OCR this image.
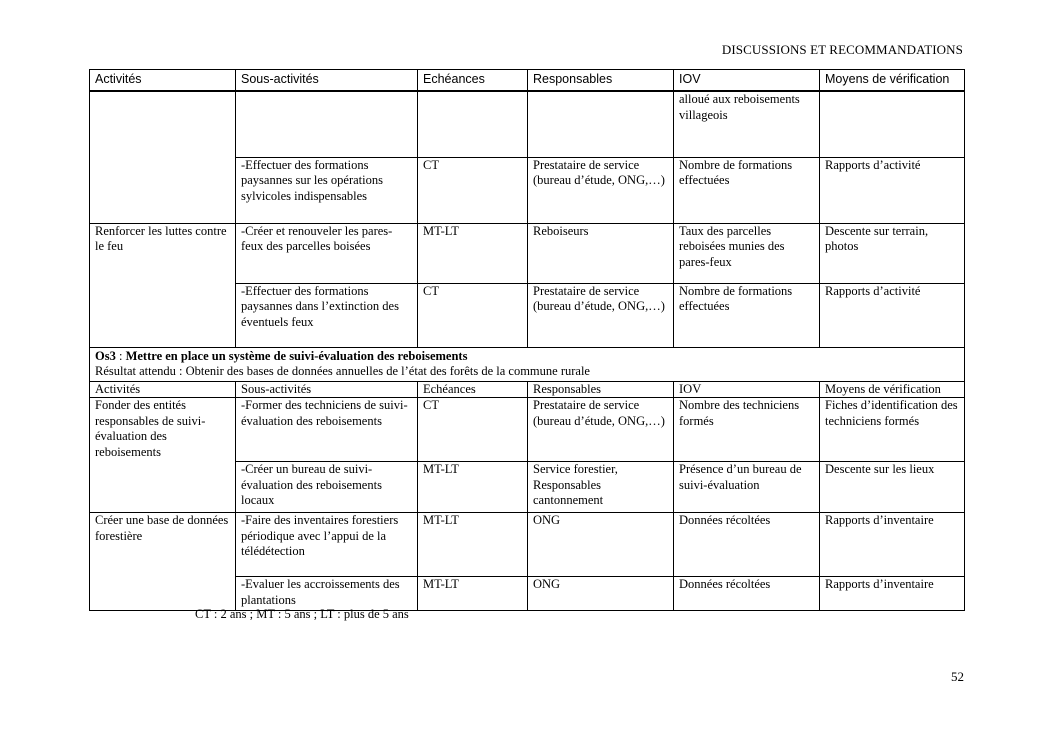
DISCUSSIONS ET RECOMMANDATIONS
Activités	Sous-activités	Echéances	Responsables	IOV	Moyens de vérification
				alloué aux reboisements villageois	
	-Effectuer des formations paysannes sur les opérations sylvicoles indispensables	CT	Prestataire de service (bureau d’étude, ONG,…)	Nombre de formations effectuées	Rapports d’activité
Renforcer les luttes contre le feu	-Créer et renouveler les pares-feux des parcelles boisées	MT-LT	Reboiseurs	Taux des parcelles reboisées munies des pares-feux	Descente sur terrain, photos
	-Effectuer des formations paysannes dans l’extinction des éventuels feux	CT	Prestataire de service (bureau d’étude, ONG,…)	Nombre de formations effectuées	Rapports d’activité

Os3 : Mettre en place un système de suivi-évaluation des reboisements
Résultat attendu : Obtenir des bases de données annuelles de l’état des forêts de la commune rurale					

Activités	Sous-activités	Echéances	Responsables	IOV	Moyens de vérification
Fonder des entités responsables de suivi-évaluation des reboisements	-Former des techniciens de suivi-évaluation des reboisements	CT	Prestataire de service (bureau d’étude, ONG,…)	Nombre des techniciens formés	Fiches d’identification des techniciens formés
	-Créer un bureau de suivi-évaluation des reboisements locaux	MT-LT	Service forestier, Responsables cantonnement	Présence d’un bureau de suivi-évaluation	Descente sur les lieux
Créer une base de données forestière	-Faire des inventaires forestiers périodique avec l’appui de la télédétection	MT-LT	ONG	Données récoltées	Rapports d’inventaire
	-Evaluer les accroissements des plantations	MT-LT	ONG	Données récoltées	Rapports d’inventaire
CT : 2 ans ; MT : 5 ans ; LT : plus de 5 ans
52
